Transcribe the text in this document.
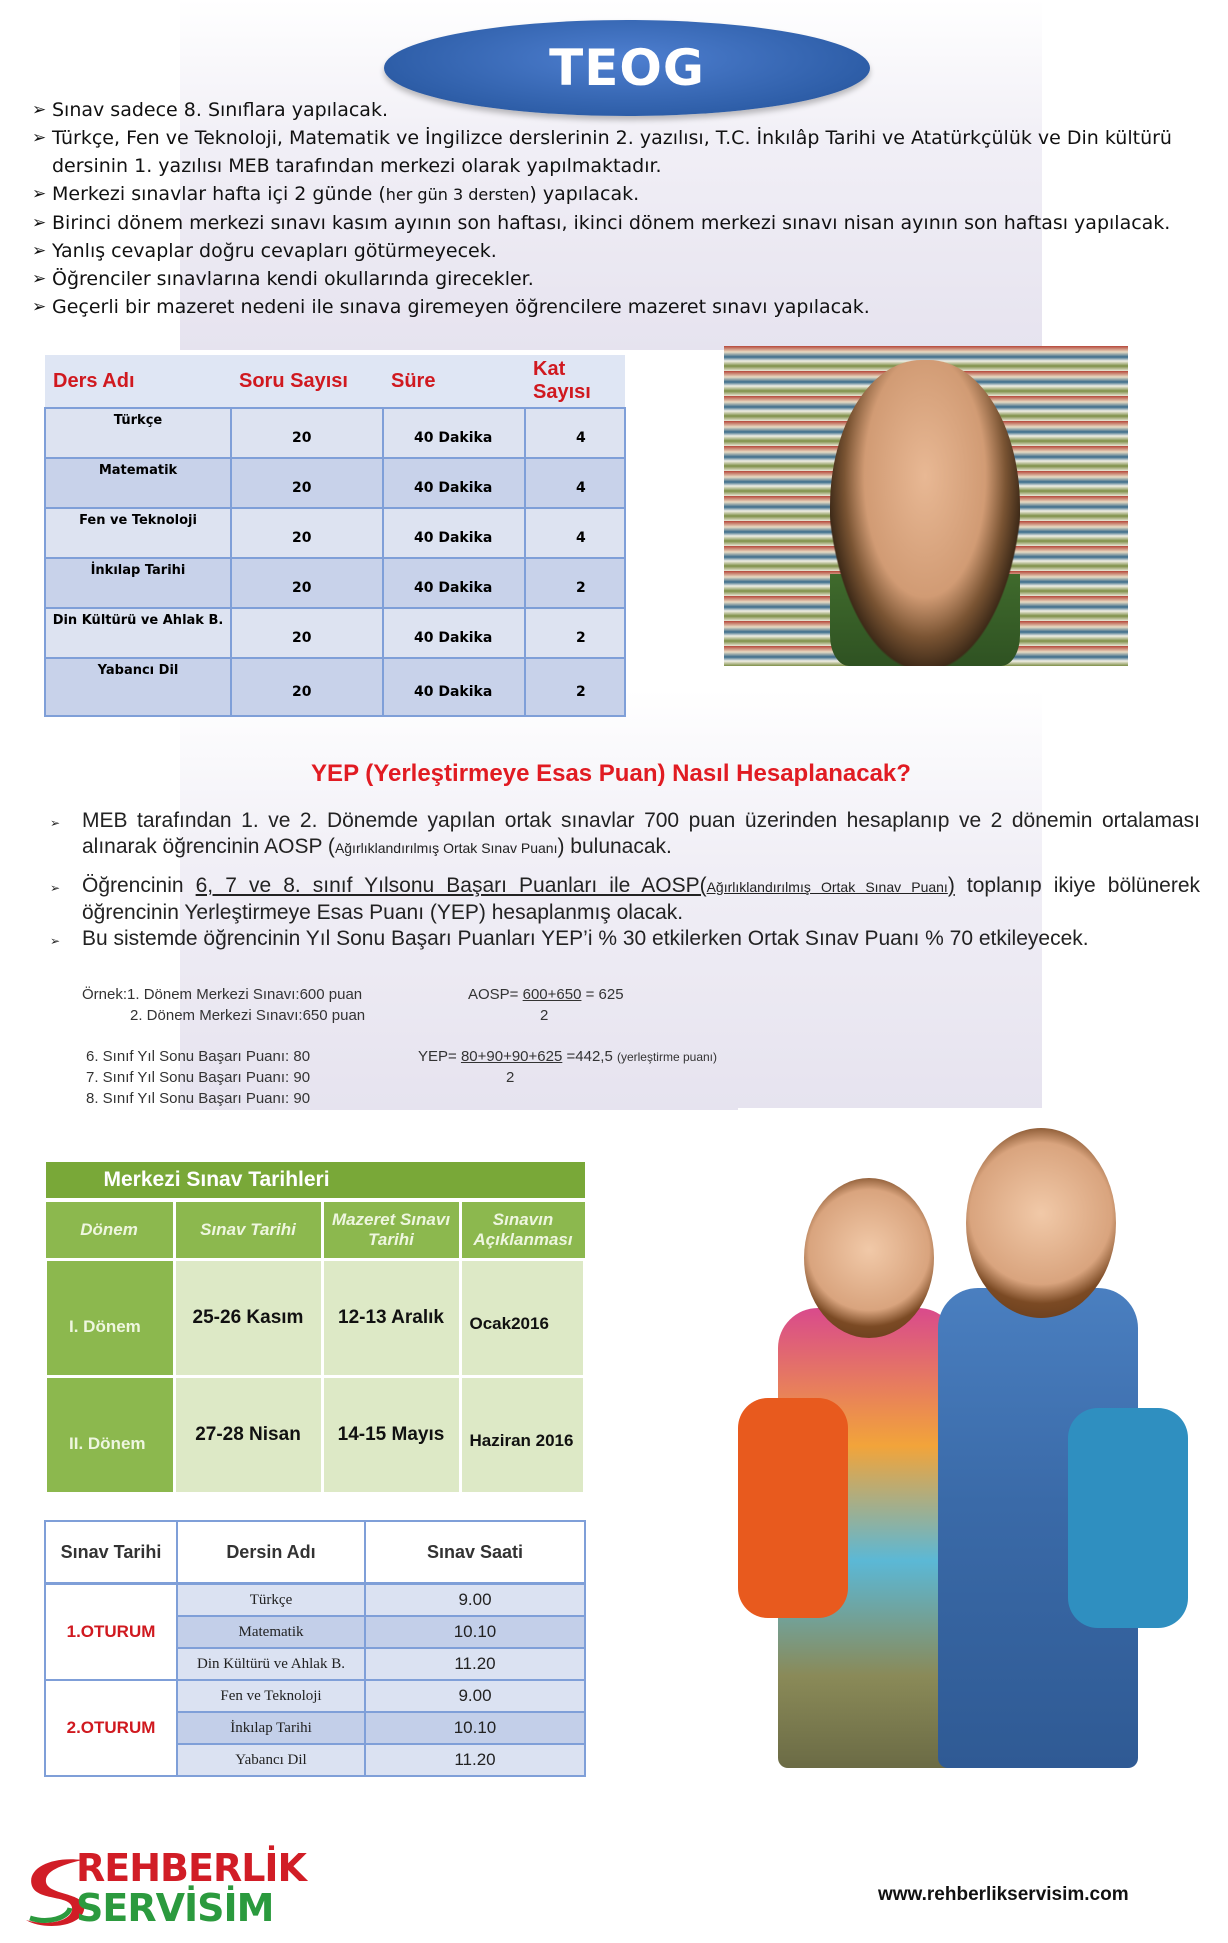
TEOG
➢ Sınav sadece 8. Sınıflara yapılacak.
➢ Türkçe, Fen ve Teknoloji, Matematik ve İngilizce derslerinin 2. yazılısı, T.C. İnkılâp Tarihi ve Atatürkçülük ve Din kültürü dersinin 1. yazılısı MEB tarafından merkezi olarak yapılmaktadır.
➢ Merkezi sınavlar hafta içi 2 günde (her gün 3 dersten) yapılacak.
➢ Birinci dönem merkezi sınavı kasım ayının son haftası, ikinci dönem merkezi sınavı nisan ayının son haftası yapılacak.
➢ Yanlış cevaplar doğru cevapları götürmeyecek.
➢ Öğrenciler sınavlarına kendi okullarında girecekler.
➢ Geçerli bir mazeret nedeni ile sınava giremeyen öğrencilere mazeret sınavı yapılacak.
Ders Adı	Soru Sayısı	Süre	Kat Sayısı
Türkçe	20	40 Dakika	4
Matematik	20	40 Dakika	4
Fen ve Teknoloji	20	40 Dakika	4
İnkılap Tarihi	20	40 Dakika	2
Din Kültürü ve Ahlak B.	20	40 Dakika	2
Yabancı Dil	20	40 Dakika	2
YEP (Yerleştirmeye Esas Puan) Nasıl Hesaplanacak?
➢ MEB tarafından 1. ve 2. Dönemde yapılan ortak sınavlar 700 puan üzerinden hesaplanıp ve 2 dönemin ortalaması alınarak öğrencinin AOSP (Ağırlıklandırılmış Ortak Sınav Puanı) bulunacak.
➢ Öğrencinin 6, 7 ve 8. sınıf Yılsonu Başarı Puanları ile AOSP(Ağırlıklandırılmış Ortak Sınav Puanı) toplanıp ikiye bölünerek öğrencinin Yerleştirmeye Esas Puanı (YEP) hesaplanmış olacak.
➢ Bu sistemde öğrencinin Yıl Sonu Başarı Puanları YEP’i % 30 etkilerken Ortak Sınav Puanı % 70 etkileyecek.
Örnek:1. Dönem Merkezi Sınavı:600 puan
2. Dönem Merkezi Sınavı:650 puan
AOSP= 600+650 = 625
2
6. Sınıf Yıl Sonu Başarı Puanı: 80
7. Sınıf Yıl Sonu Başarı Puanı: 90
8. Sınıf Yıl Sonu Başarı Puanı: 90
YEP= 80+90+90+625 =442,5 (yerleştirme puanı)
2
Merkezi Sınav Tarihleri			
Dönem	Sınav Tarihi	Mazeret Sınavı Tarihi	Sınavın Açıklanması
I. Dönem	25-26 Kasım	12-13 Aralık	Ocak2016
II. Dönem	27-28 Nisan	14-15 Mayıs	Haziran 2016
Sınav Tarihi	Dersin Adı	Sınav Saati
1.OTURUM	Türkçe	9.00
	Matematik	10.10
	Din Kültürü ve Ahlak B.	11.20
2.OTURUM	Fen ve Teknoloji	9.00
	İnkılap Tarihi	10.10
	Yabancı Dil	11.20
REHBERLİK
SERVİSİM	www.rehberlikservisim.com
